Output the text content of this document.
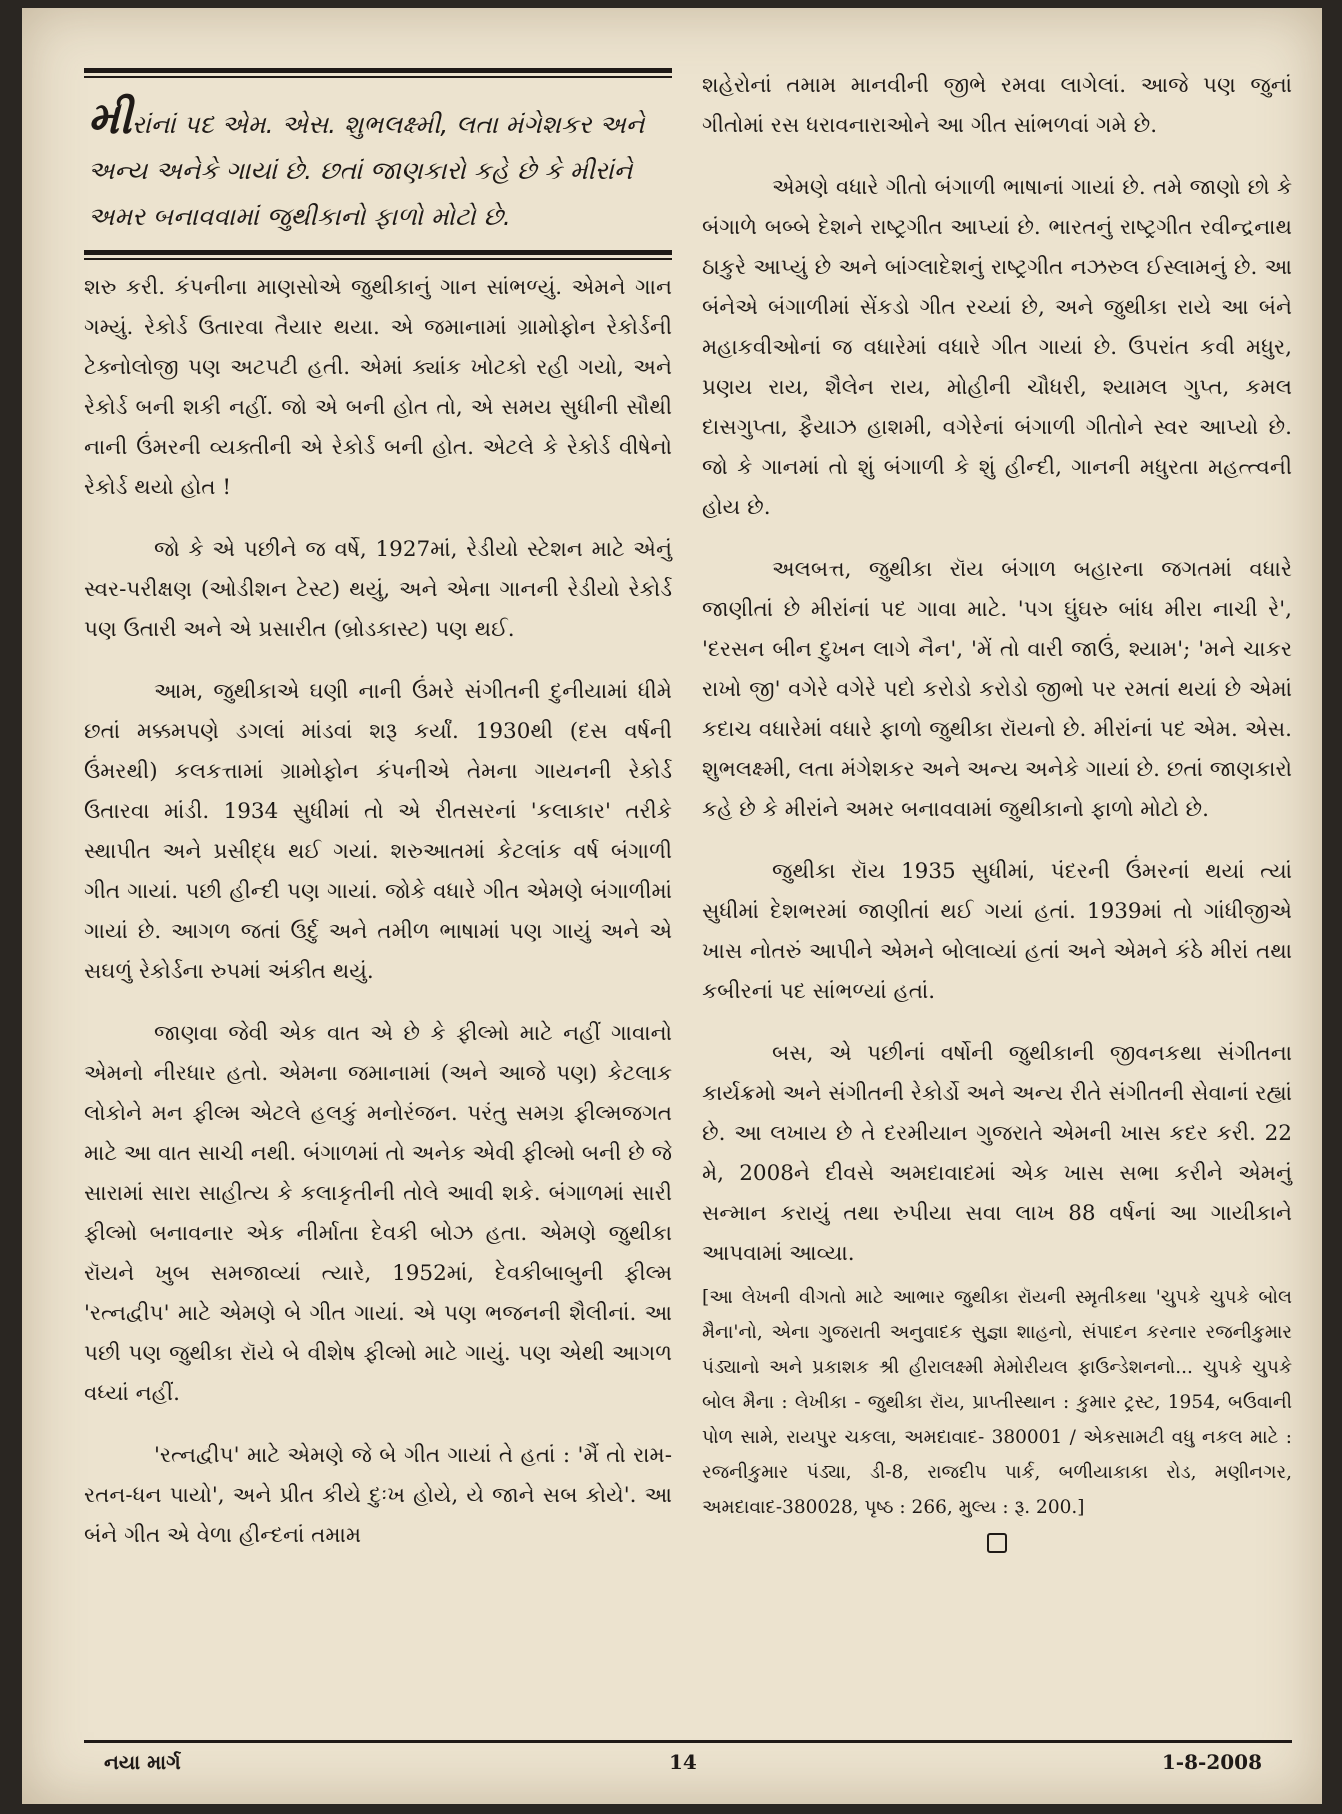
મીરાંનાં પદ એમ. એસ. શુભલક્ષ્મી, લતા મંગેશકર અને અન્ય અનેકે ગાયાં છે. છતાં જાણકારો કહે છે કે મીરાંને અમર બનાવવામાં જુથીકાનો ફાળો મોટો છે.

શરુ કરી. કંપનીના માણસોએ જુથીકાનું ગાન સાંભળ્યું. એમને ગાન ગમ્યું. રેકોર્ડ ઉતારવા તૈયાર થયા. એ જમાનામાં ગ્રામોફોન રેકોર્ડની ટેક્નોલોજી પણ અટપટી હતી. એમાં ક્યાંક ખોટકો રહી ગયો, અને રેકોર્ડ બની શકી નહીં. જો એ બની હોત તો, એ સમય સુધીની સૌથી નાની ઉંમરની વ્યક્તીની એ રેકોર્ડ બની હોત. એટલે કે રેકોર્ડ વીષેનો રેકોર્ડ થયો હોત !

જો કે એ પછીને જ વર્ષે, 1927માં, રેડીયો સ્ટેશન માટે એનું સ્વર-પરીક્ષણ (ઓડીશન ટેસ્ટ) થયું, અને એના ગાનની રેડીયો રેકોર્ડ પણ ઉતારી અને એ પ્રસારીત (બ્રોડકાસ્ટ) પણ થઈ.

આમ, જુથીકાએ ઘણી નાની ઉંમરે સંગીતની દુનીયામાં ધીમે છતાં મક્કમપણે ડગલાં માંડવાં શરૂ કર્યાં. 1930થી (દસ વર્ષની ઉંમરથી) કલકત્તામાં ગ્રામોફોન કંપનીએ તેમના ગાયનની રેકોર્ડ ઉતારવા માંડી. 1934 સુધીમાં તો એ રીતસરનાં 'કલાકાર' તરીકે સ્થાપીત અને પ્રસીદ્ધ થઈ ગયાં. શરુઆતમાં કેટલાંક વર્ષ બંગાળી ગીત ગાયાં. પછી હીન્દી પણ ગાયાં. જોકે વધારે ગીત એમણે બંગાળીમાં ગાયાં છે. આગળ જતાં ઉર્દુ અને તમીળ ભાષામાં પણ ગાયું અને એ સઘળું રેકોર્ડના રુપમાં અંકીત થયું.

જાણવા જેવી એક વાત એ છે કે ફીલ્મો માટે નહીં ગાવાનો એમનો નીરધાર હતો. એમના જમાનામાં (અને આજે પણ) કેટલાક લોકોને મન ફીલ્મ એટલે હલકું મનોરંજન. પરંતુ સમગ્ર ફીલ્મજગત માટે આ વાત સાચી નથી. બંગાળમાં તો અનેક એવી ફીલ્મો બની છે જે સારામાં સારા સાહીત્ય કે કલાકૃતીની તોલે આવી શકે. બંગાળમાં સારી ફીલ્મો બનાવનાર એક નીર્માતા દેવકી બોઝ હતા. એમણે જુથીકા રૉયને ખુબ સમજાવ્યાં ત્યારે, 1952માં, દેવકીબાબુની ફીલ્મ 'રત્નદ્વીપ' માટે એમણે બે ગીત ગાયાં. એ પણ ભજનની શૈલીનાં. આ પછી પણ જુથીકા રૉયે બે વીશેષ ફીલ્મો માટે ગાયું. પણ એથી આગળ વધ્યાં નહીં.

'રત્નદ્વીપ' માટે એમણે જે બે ગીત ગાયાં તે હતાં : 'મૈં તો રામ-રતન-ધન પાયો', અને પ્રીત કીયે દુઃખ હોયે, યે જાને સબ કોયે'. આ બંને ગીત એ વેળા હીન્દનાં તમામ

શહેરોનાં તમામ માનવીની જીભે રમવા લાગેલાં. આજે પણ જુનાં ગીતોમાં રસ ધરાવનારાઓને આ ગીત સાંભળવાં ગમે છે.

એમણે વધારે ગીતો બંગાળી ભાષાનાં ગાયાં છે. તમે જાણો છો કે બંગાળે બબ્બે દેશને રાષ્ટ્રગીત આપ્યાં છે. ભારતનું રાષ્ટ્રગીત રવીન્દ્રનાથ ઠાકુરે આપ્યું છે અને બાંગ્લાદેશનું રાષ્ટ્રગીત નઝરુલ ઈસ્લામનું છે. આ બંનેએ બંગાળીમાં સેંકડો ગીત રચ્યાં છે, અને જુથીકા રાયે આ બંને મહાકવીઓનાં જ વધારેમાં વધારે ગીત ગાયાં છે. ઉપરાંત કવી મધુર, પ્રણય રાય, શૈલેન રાય, મોહીની ચૌધરી, શ્યામલ ગુપ્ત, કમલ દાસગુપ્તા, ફૈયાઝ હાશમી, વગેરેનાં બંગાળી ગીતોને સ્વર આપ્યો છે. જો કે ગાનમાં તો શું બંગાળી કે શું હીન્દી, ગાનની મધુરતા મહત્ત્વની હોય છે.

અલબત્ત, જુથીકા રૉય બંગાળ બહારના જગતમાં વધારે જાણીતાં છે મીરાંનાં પદ ગાવા માટે. 'પગ ઘુંઘરુ બાંધ મીરા નાચી રે', 'દરસન બીન દુખન લાગે નૈન', 'મેં તો વારી જાઉં, શ્યામ'; 'મને ચાકર રાખો જી' વગેરે વગેરે પદો કરોડો કરોડો જીભો પર રમતાં થયાં છે એમાં કદાચ વધારેમાં વધારે ફાળો જુથીકા રૉયનો છે. મીરાંનાં પદ એમ. એસ. શુભલક્ષ્મી, લતા મંગેશકર અને અન્ય અનેકે ગાયાં છે. છતાં જાણકારો કહે છે કે મીરાંને અમર બનાવવામાં જુથીકાનો ફાળો મોટો છે.

જુથીકા રૉય 1935 સુધીમાં, પંદરની ઉંમરનાં થયાં ત્યાં સુધીમાં દેશભરમાં જાણીતાં થઈ ગયાં હતાં. 1939માં તો ગાંધીજીએ ખાસ નોતરું આપીને એમને બોલાવ્યાં હતાં અને એમને કંઠે મીરાં તથા કબીરનાં પદ સાંભળ્યાં હતાં.

બસ, એ પછીનાં વર્ષોની જુથીકાની જીવનકથા સંગીતના કાર્યક્રમો અને સંગીતની રેકોર્ડો અને અન્ય રીતે સંગીતની સેવાનાં રહ્યાં છે. આ લખાય છે તે દરમીયાન ગુજરાતે એમની ખાસ કદર કરી. 22 મે, 2008ને દીવસે અમદાવાદમાં એક ખાસ સભા કરીને એમનું સન્માન કરાયું તથા રુપીયા સવા લાખ 88 વર્ષનાં આ ગાયીકાને આપવામાં આવ્યા.

[આ લેખની વીગતો માટે આભાર જુથીકા રૉયની સ્મૃતીકથા 'ચુપકે ચુપકે બોલ મૈના'નો, એના ગુજરાતી અનુવાદક સુજ્ઞા શાહનો, સંપાદન કરનાર રજનીકુમાર પંડ્યાનો અને પ્રકાશક શ્રી હીરાલક્ષ્મી મેમોરીયલ ફાઉન્ડેશનનો... ચુપકે ચુપકે બોલ મૈના : લેખીકા - જુથીકા રૉય, પ્રાપ્તીસ્થાન : કુમાર ટ્રસ્ટ, 1954, બઉવાની પોળ સામે, રાયપુર ચકલા, અમદાવાદ- 380001 / એકસામટી વધુ નકલ માટે : રજનીકુમાર પંડ્યા, ડી-8, રાજદીપ પાર્ક, બળીયાકાકા રોડ, મણીનગર, અમદાવાદ-380028, પૃષ્ઠ : 266, મુલ્ય : રૂ. 200.]

નયા માર્ગ	14	1-8-2008
